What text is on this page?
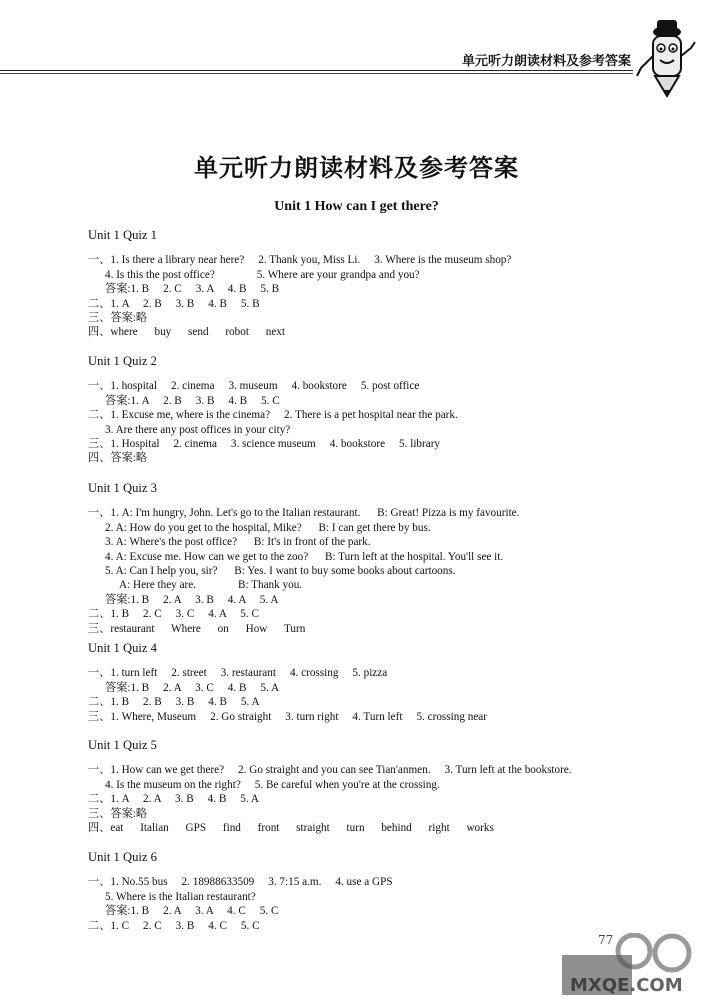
单元听力朗读材料及参考答案
单元听力朗读材料及参考答案
Unit 1 How can I get there?
Unit 1 Quiz 1
一、1. Is there a library near here?     2. Thank you, Miss Li.     3. Where is the museum shop?
4. Is this the post office?               5. Where are your grandpa and you?
答案:1. B     2. C     3. A     4. B     5. B
二、1. A     2. B     3. B     4. B     5. B
三、答案:略
四、where      buy      send      robot      next
Unit 1 Quiz 2
一、1. hospital     2. cinema     3. museum     4. bookstore     5. post office
答案:1. A     2. B     3. B     4. B     5. C
二、1. Excuse me, where is the cinema?     2. There is a pet hospital near the park.
3. Are there any post offices in your city?
三、1. Hospital     2. cinema     3. science museum     4. bookstore     5. library
四、答案:略
Unit 1 Quiz 3
一、1. A: I'm hungry, John. Let's go to the Italian restaurant.      B: Great! Pizza is my favourite.
2. A: How do you get to the hospital, Mike?      B: I can get there by bus.
3. A: Where's the post office?      B: It's in front of the park.
4. A: Excuse me. How can we get to the zoo?      B: Turn left at the hospital. You'll see it.
5. A: Can I help you, sir?      B: Yes. I want to buy some books about cartoons.
A: Here they are.               B: Thank you.
答案:1. B     2. A     3. B     4. A     5. A
二、1. B     2. C     3. C     4. A     5. C
三、restaurant      Where      on      How      Turn
Unit 1 Quiz 4
一、1. turn left     2. street     3. restaurant     4. crossing     5. pizza
答案:1. B     2. A     3. C     4. B     5. A
二、1. B     2. B     3. B     4. B     5. A
三、1. Where, Museum     2. Go straight     3. turn right     4. Turn left     5. crossing near
Unit 1 Quiz 5
一、1. How can we get there?     2. Go straight and you can see Tian'anmen.     3. Turn left at the bookstore.
4. Is the museum on the right?     5. Be careful when you're at the crossing.
二、1. A     2. A     3. B     4. B     5. A
三、答案:略
四、eat      Italian      GPS      find      front      straight      turn      behind      right      works
Unit 1 Quiz 6
一、1. No.55 bus     2. 18988633509     3. 7:15 a.m.     4. use a GPS
5. Where is the Italian restaurant?
答案:1. B     2. A     3. A     4. C     5. C
二、1. C     2. C     3. B     4. C     5. C
77
MXQE.COM
